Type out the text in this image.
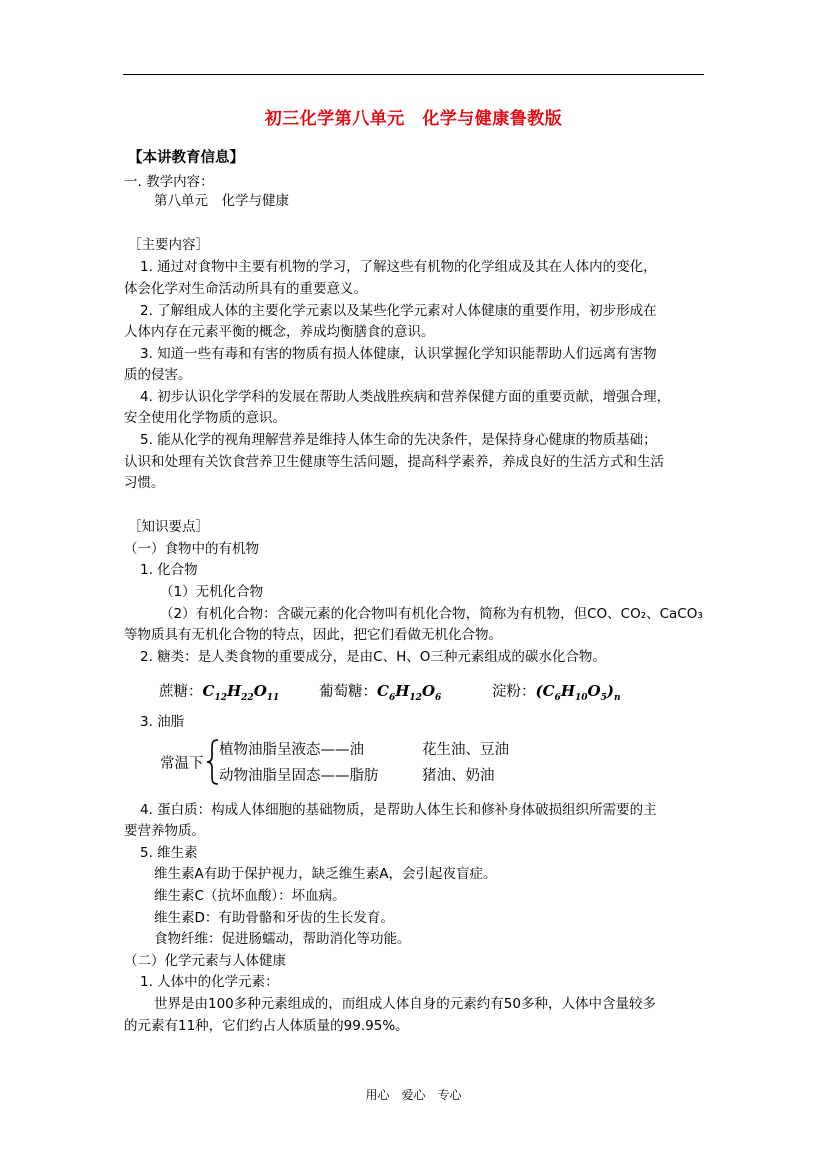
初三化学第八单元　化学与健康鲁教版
【本讲教育信息】
一. 教学内容：
第八单元　化学与健康
［主要内容］
1. 通过对食物中主要有机物的学习，了解这些有机物的化学组成及其在人体内的变化，
体会化学对生命活动所具有的重要意义。
2. 了解组成人体的主要化学元素以及某些化学元素对人体健康的重要作用，初步形成在
人体内存在元素平衡的概念，养成均衡膳食的意识。
3. 知道一些有毒和有害的物质有损人体健康，认识掌握化学知识能帮助人们远离有害物
质的侵害。
4. 初步认识化学学科的发展在帮助人类战胜疾病和营养保健方面的重要贡献，增强合理，
安全使用化学物质的意识。
5. 能从化学的视角理解营养是维持人体生命的先决条件，是保持身心健康的物质基础；
认识和处理有关饮食营养卫生健康等生活问题，提高科学素养，养成良好的生活方式和生活
习惯。
［知识要点］
（一）食物中的有机物
1. 化合物
（1）无机化合物
（2）有机化合物：含碳元素的化合物叫有机化合物，简称为有机物，但CO、CO₂、CaCO₃
等物质具有无机化合物的特点，因此，把它们看做无机化合物。
2. 糖类：是人类食物的重要成分，是由C、H、O三种元素组成的碳水化合物。
蔗糖：$C_{12}H_{22}O_{11}$	葡萄糖：$C_6H_{12}O_6$	淀粉：$(C_6H_{10}O_5)_n$
3. 油脂
常温下
植物油脂呈液态——油	花生油、豆油
动物油脂呈固态——脂肪	猪油、奶油
4. 蛋白质：构成人体细胞的基础物质，是帮助人体生长和修补身体破损组织所需要的主
要营养物质。
5. 维生素
维生素A有助于保护视力，缺乏维生素A，会引起夜盲症。
维生素C（抗坏血酸）：坏血病。
维生素D：有助骨骼和牙齿的生长发育。
食物纤维：促进肠蠕动，帮助消化等功能。
（二）化学元素与人体健康
1. 人体中的化学元素：
世界是由100多种元素组成的，而组成人体自身的元素约有50多种，人体中含量较多
的元素有11种，它们约占人体质量的99.95%。
用心　爱心　专心
